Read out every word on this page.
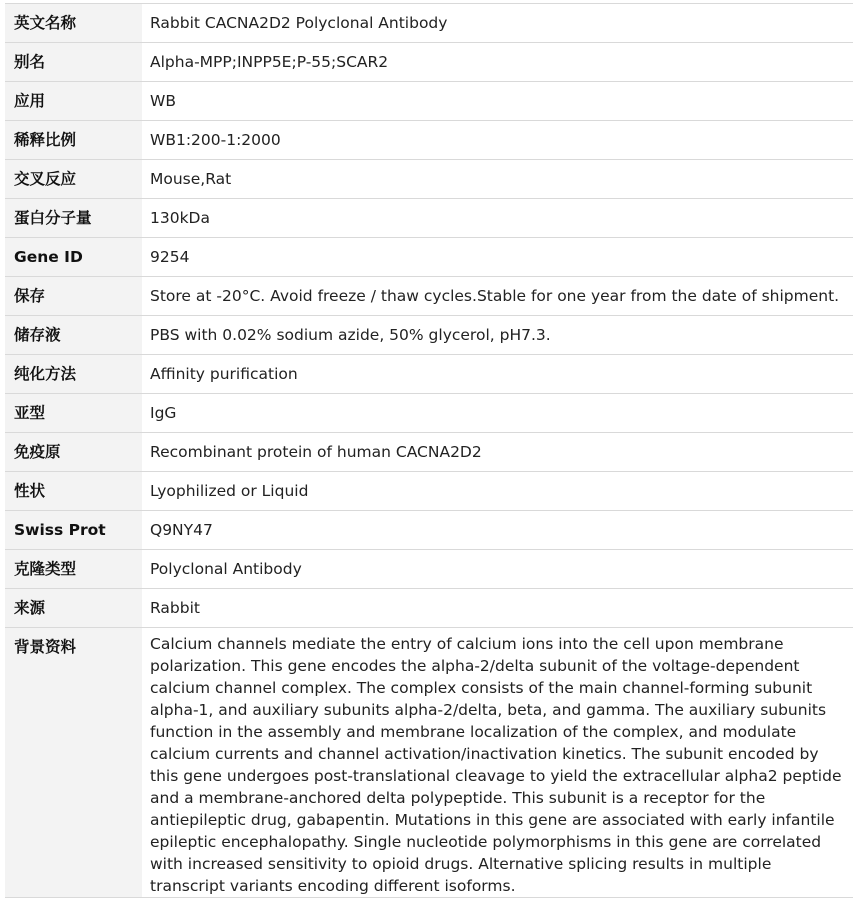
英文名称	Rabbit CACNA2D2 Polyclonal Antibody
别名	Alpha-MPP;INPP5E;P-55;SCAR2
应用	WB
稀释比例	WB1:200-1:2000
交叉反应	Mouse,Rat
蛋白分子量	130kDa
Gene ID	9254
保存	Store at -20°C. Avoid freeze / thaw cycles.Stable for one year from the date of shipment.
储存液	PBS with 0.02% sodium azide, 50% glycerol, pH7.3.
纯化方法	Affinity purification
亚型	IgG
免疫原	Recombinant protein of human CACNA2D2
性状	Lyophilized or Liquid
Swiss Prot	Q9NY47
克隆类型	Polyclonal Antibody
来源	Rabbit
背景资料	Calcium channels mediate the entry of calcium ions into the cell upon membrane polarization. This gene encodes the alpha-2/delta subunit of the voltage-dependent calcium channel complex. The complex consists of the main channel-forming subunit alpha-1, and auxiliary subunits alpha-2/delta, beta, and gamma. The auxiliary subunits function in the assembly and membrane localization of the complex, and modulate calcium currents and channel activation/inactivation kinetics. The subunit encoded by this gene undergoes post-translational cleavage to yield the extracellular alpha2 peptide and a membrane-anchored delta polypeptide. This subunit is a receptor for the antiepileptic drug, gabapentin. Mutations in this gene are associated with early infantile epileptic encephalopathy. Single nucleotide polymorphisms in this gene are correlated with increased sensitivity to opioid drugs. Alternative splicing results in multiple transcript variants encoding different isoforms.
